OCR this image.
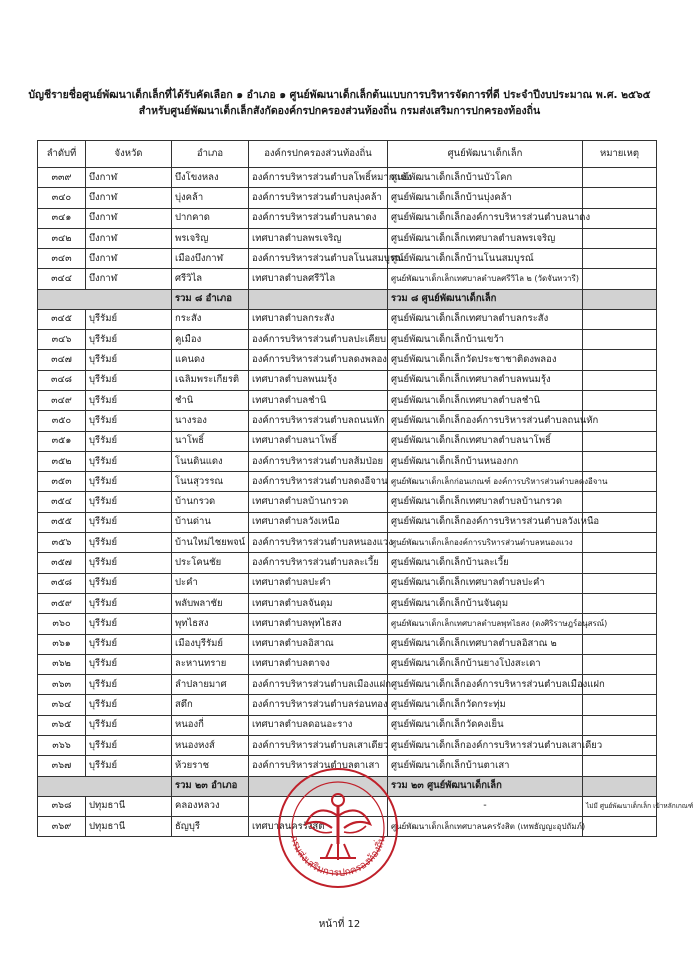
บัญชีรายชื่อศูนย์พัฒนาเด็กเล็กที่ได้รับคัดเลือก ๑ อำเภอ ๑ ศูนย์พัฒนาเด็กเล็กต้นแบบการบริหารจัดการที่ดี ประจำปีงบประมาณ พ.ศ. ๒๕๖๕
สำหรับศูนย์พัฒนาเด็กเล็กสังกัดองค์กรปกครองส่วนท้องถิ่น กรมส่งเสริมการปกครองท้องถิ่น
ลำดับที่	จังหวัด	อำเภอ	องค์กรปกครองส่วนท้องถิ่น	ศูนย์พัฒนาเด็กเล็ก	หมายเหตุ
๓๓๙	บึงกาฬ	บึงโขงหลง	องค์การบริหารส่วนตำบลโพธิ์หมากแข้ง	ศูนย์พัฒนาเด็กเล็กบ้านบัวโคก	
๓๔๐	บึงกาฬ	บุ่งคล้า	องค์การบริหารส่วนตำบลบุ่งคล้า	ศูนย์พัฒนาเด็กเล็กบ้านบุ่งคล้า	
๓๔๑	บึงกาฬ	ปากคาด	องค์การบริหารส่วนตำบลนาดง	ศูนย์พัฒนาเด็กเล็กองค์การบริหารส่วนตำบลนาดง	
๓๔๒	บึงกาฬ	พรเจริญ	เทศบาลตำบลพรเจริญ	ศูนย์พัฒนาเด็กเล็กเทศบาลตำบลพรเจริญ	
๓๔๓	บึงกาฬ	เมืองบึงกาฬ	องค์การบริหารส่วนตำบลโนนสมบูรณ์	ศูนย์พัฒนาเด็กเล็กบ้านโนนสมบูรณ์	
๓๔๔	บึงกาฬ	ศรีวิไล	เทศบาลตำบลศรีวิไล	ศูนย์พัฒนาเด็กเล็กเทศบาลตำบลศรีวิไล ๒ (วัดจันทวารี)	
		รวม ๘ อำเภอ		รวม ๘ ศูนย์พัฒนาเด็กเล็ก	
๓๔๕	บุรีรัมย์	กระสัง	เทศบาลตำบลกระสัง	ศูนย์พัฒนาเด็กเล็กเทศบาลตำบลกระสัง	
๓๔๖	บุรีรัมย์	คูเมือง	องค์การบริหารส่วนตำบลปะเคียบ	ศูนย์พัฒนาเด็กเล็กบ้านเขว้า	
๓๔๗	บุรีรัมย์	แคนดง	องค์การบริหารส่วนตำบลดงพลอง	ศูนย์พัฒนาเด็กเล็กวัดประชาชาติดงพลอง	
๓๔๘	บุรีรัมย์	เฉลิมพระเกียรติ	เทศบาลตำบลพนมรุ้ง	ศูนย์พัฒนาเด็กเล็กเทศบาลตำบลพนมรุ้ง	
๓๔๙	บุรีรัมย์	ชำนิ	เทศบาลตำบลชำนิ	ศูนย์พัฒนาเด็กเล็กเทศบาลตำบลชำนิ	
๓๕๐	บุรีรัมย์	นางรอง	องค์การบริหารส่วนตำบลถนนหัก	ศูนย์พัฒนาเด็กเล็กองค์การบริหารส่วนตำบลถนนหัก	
๓๕๑	บุรีรัมย์	นาโพธิ์	เทศบาลตำบลนาโพธิ์	ศูนย์พัฒนาเด็กเล็กเทศบาลตำบลนาโพธิ์	
๓๕๒	บุรีรัมย์	โนนดินแดง	องค์การบริหารส่วนตำบลส้มป่อย	ศูนย์พัฒนาเด็กเล็กบ้านหนองกก	
๓๕๓	บุรีรัมย์	โนนสุวรรณ	องค์การบริหารส่วนตำบลดงอีจาน	ศูนย์พัฒนาเด็กเล็กก่อนเกณฑ์ องค์การบริหารส่วนตำบลดงอีจาน	
๓๕๔	บุรีรัมย์	บ้านกรวด	เทศบาลตำบลบ้านกรวด	ศูนย์พัฒนาเด็กเล็กเทศบาลตำบลบ้านกรวด	
๓๕๕	บุรีรัมย์	บ้านด่าน	เทศบาลตำบลวังเหนือ	ศูนย์พัฒนาเด็กเล็กองค์การบริหารส่วนตำบลวังเหนือ	
๓๕๖	บุรีรัมย์	บ้านใหม่ไชยพจน์	องค์การบริหารส่วนตำบลหนองแวง	ศูนย์พัฒนาเด็กเล็กองค์การบริหารส่วนตำบลหนองแวง	
๓๕๗	บุรีรัมย์	ประโคนชัย	องค์การบริหารส่วนตำบลละเวี้ย	ศูนย์พัฒนาเด็กเล็กบ้านละเวี้ย	
๓๕๘	บุรีรัมย์	ปะคำ	เทศบาลตำบลปะคำ	ศูนย์พัฒนาเด็กเล็กเทศบาลตำบลปะคำ	
๓๕๙	บุรีรัมย์	พลับพลาชัย	เทศบาลตำบลจันดุม	ศูนย์พัฒนาเด็กเล็กบ้านจันดุม	
๓๖๐	บุรีรัมย์	พุทไธสง	เทศบาลตำบลพุทไธสง	ศูนย์พัฒนาเด็กเล็กเทศบาลตำบลพุทไธสง (ดงศิริราษฎร์อนุสรณ์)	
๓๖๑	บุรีรัมย์	เมืองบุรีรัมย์	เทศบาลตำบลอิสาณ	ศูนย์พัฒนาเด็กเล็กเทศบาลตำบลอิสาณ ๒	
๓๖๒	บุรีรัมย์	ละหานทราย	เทศบาลตำบลตาจง	ศูนย์พัฒนาเด็กเล็กบ้านยางโป่งสะเดา	
๓๖๓	บุรีรัมย์	ลำปลายมาศ	องค์การบริหารส่วนตำบลเมืองแฝก	ศูนย์พัฒนาเด็กเล็กองค์การบริหารส่วนตำบลเมืองแฝก	
๓๖๔	บุรีรัมย์	สตึก	องค์การบริหารส่วนตำบลร่อนทอง	ศูนย์พัฒนาเด็กเล็กวัดกระทุ่ม	
๓๖๕	บุรีรัมย์	หนองกี่	เทศบาลตำบลดอนอะราง	ศูนย์พัฒนาเด็กเล็กวัดคงเย็น	
๓๖๖	บุรีรัมย์	หนองหงส์	องค์การบริหารส่วนตำบลเสาเดียว	ศูนย์พัฒนาเด็กเล็กองค์การบริหารส่วนตำบลเสาเดียว	
๓๖๗	บุรีรัมย์	ห้วยราช	องค์การบริหารส่วนตำบลตาเสา	ศูนย์พัฒนาเด็กเล็กบ้านตาเสา	
		รวม ๒๓ อำเภอ		รวม ๒๓ ศูนย์พัฒนาเด็กเล็ก	
๓๖๘	ปทุมธานี	คลองหลวง		-	ไม่มี ศูนย์พัฒนาเด็กเล็ก เข้าหลักเกณฑ์
๓๖๙	ปทุมธานี	ธัญบุรี	เทศบาลนครรังสิต	ศูนย์พัฒนาเด็กเล็กเทศบาลนครรังสิต (เทพธัญญะอุปถัมภ์)	
กรมส่งเสริมการปกครองท้องถิ่น
หน้าที่ 12
